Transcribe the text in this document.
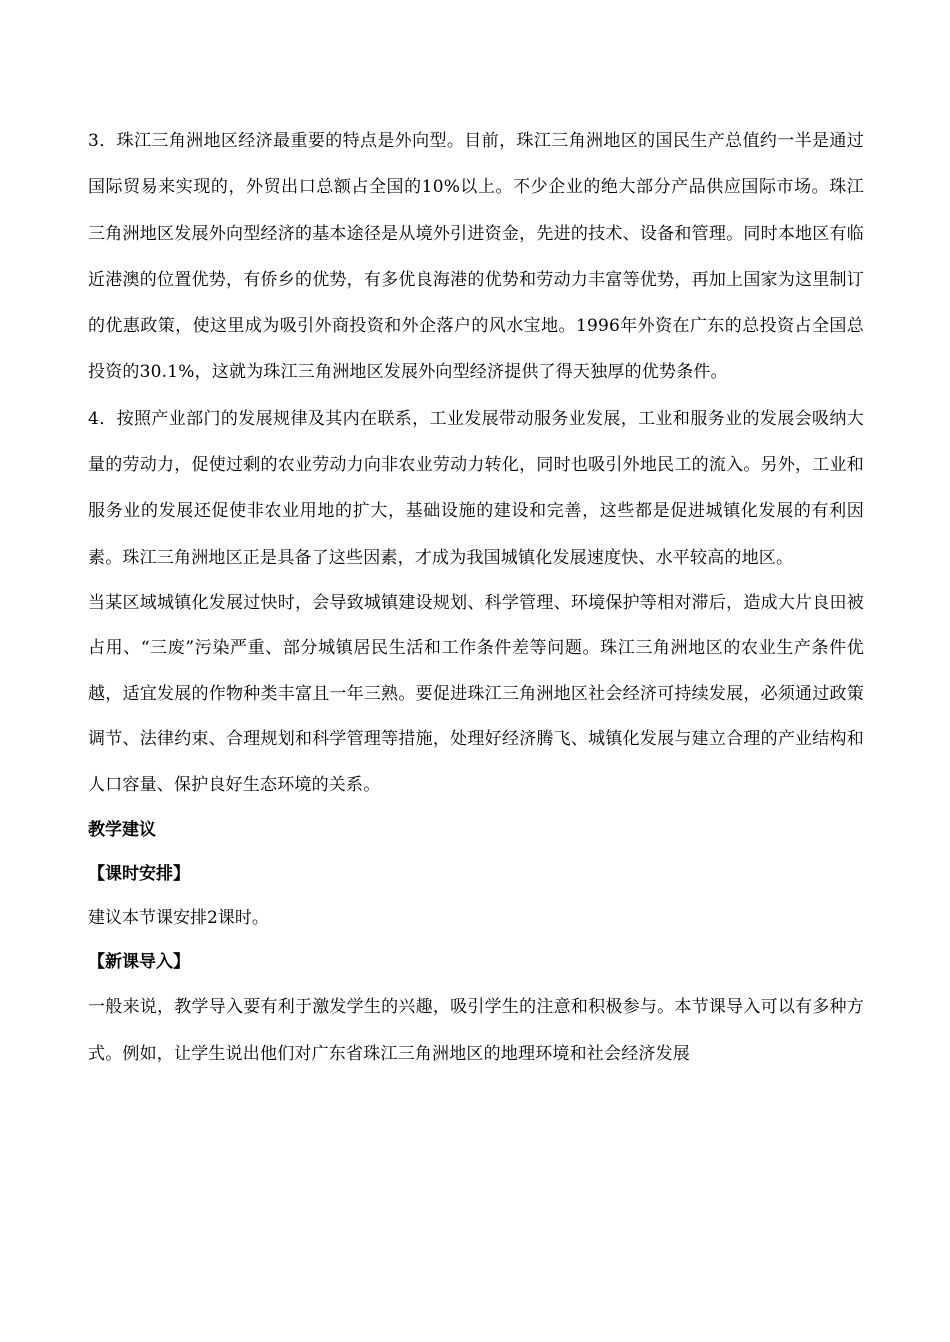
3．珠江三角洲地区经济最重要的特点是外向型。目前，珠江三角洲地区的国民生产总值约一半是通过国际贸易来实现的，外贸出口总额占全国的10%以上。不少企业的绝大部分产品供应国际市场。珠江三角洲地区发展外向型经济的基本途径是从境外引进资金，先进的技术、设备和管理。同时本地区有临近港澳的位置优势，有侨乡的优势，有多优良海港的优势和劳动力丰富等优势，再加上国家为这里制订的优惠政策，使这里成为吸引外商投资和外企落户的风水宝地。1996年外资在广东的总投资占全国总投资的30.1%，这就为珠江三角洲地区发展外向型经济提供了得天独厚的优势条件。

4．按照产业部门的发展规律及其内在联系，工业发展带动服务业发展，工业和服务业的发展会吸纳大量的劳动力，促使过剩的农业劳动力向非农业劳动力转化，同时也吸引外地民工的流入。另外，工业和服务业的发展还促使非农业用地的扩大，基础设施的建设和完善，这些都是促进城镇化发展的有利因素。珠江三角洲地区正是具备了这些因素，才成为我国城镇化发展速度快、水平较高的地区。

当某区域城镇化发展过快时，会导致城镇建设规划、科学管理、环境保护等相对滞后，造成大片良田被占用、“三废”污染严重、部分城镇居民生活和工作条件差等问题。珠江三角洲地区的农业生产条件优越，适宜发展的作物种类丰富且一年三熟。要促进珠江三角洲地区社会经济可持续发展，必须通过政策调节、法律约束、合理规划和科学管理等措施，处理好经济腾飞、城镇化发展与建立合理的产业结构和人口容量、保护良好生态环境的关系。

教学建议

【课时安排】

建议本节课安排2课时。

【新课导入】

一般来说，教学导入要有利于激发学生的兴趣，吸引学生的注意和积极参与。本节课导入可以有多种方式。例如，让学生说出他们对广东省珠江三角洲地区的地理环境和社会经济发展
